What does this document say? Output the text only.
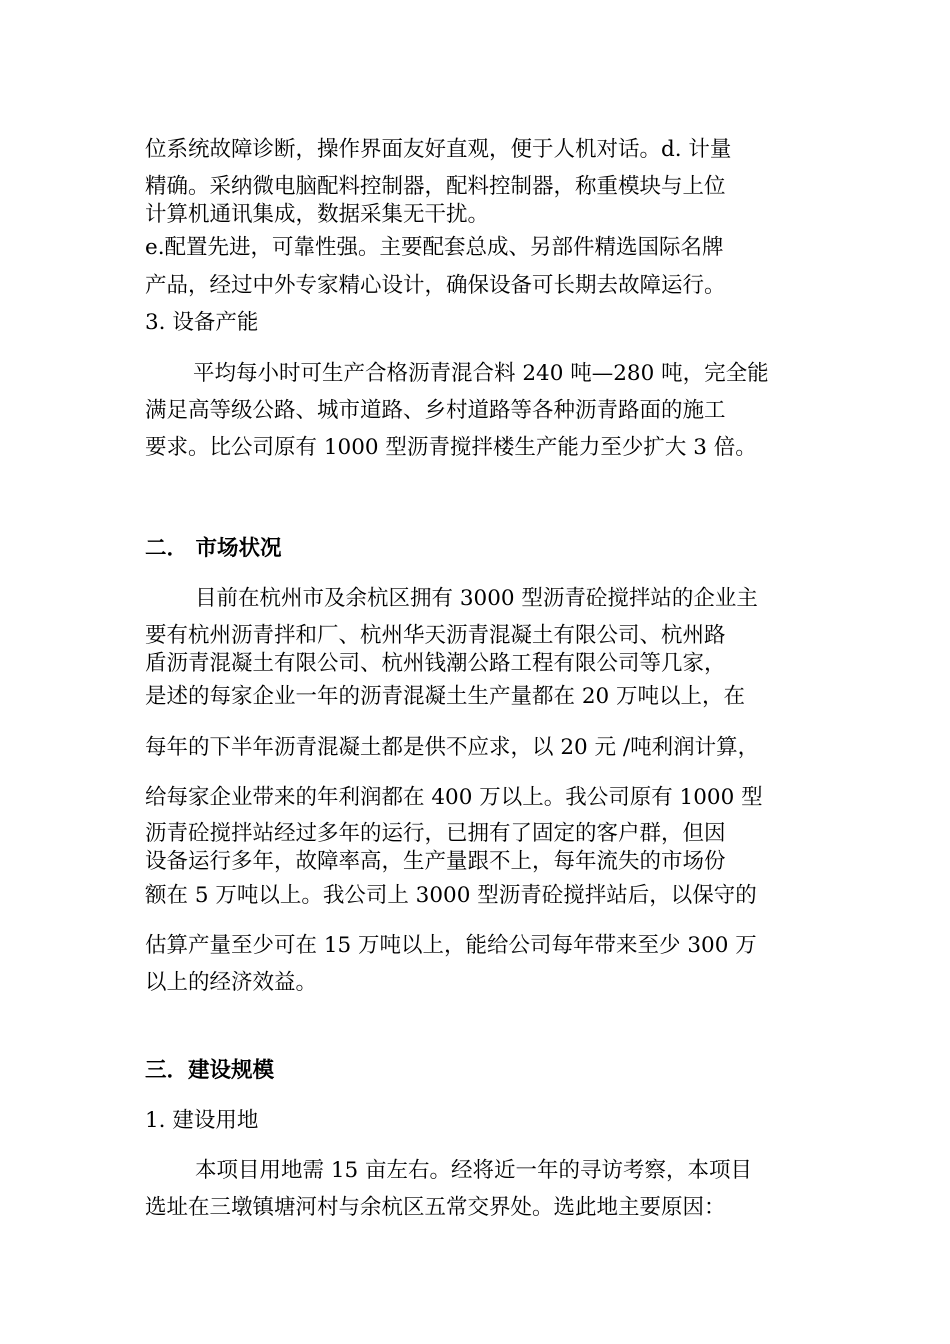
位系统故障诊断，操作界面友好直观，便于人机对话。d. 计量
精确。采纳微电脑配料控制器，配料控制器，称重模块与上位
计算机通讯集成，数据采集无干扰。
e.配置先进，可靠性强。主要配套总成、另部件精选国际名牌
产品，经过中外专家精心设计，确保设备可长期去故障运行。
3. 设备产能
平均每小时可生产合格沥青混合料 240 吨—280 吨，完全能
满足高等级公路、城市道路、乡村道路等各种沥青路面的施工
要求。比公司原有 1000 型沥青搅拌楼生产能力至少扩大 3 倍。
二． 市场状况
目前在杭州市及余杭区拥有 3000 型沥青砼搅拌站的企业主
要有杭州沥青拌和厂、杭州华天沥青混凝土有限公司、杭州路
盾沥青混凝土有限公司、杭州钱潮公路工程有限公司等几家，
是述的每家企业一年的沥青混凝土生产量都在 20 万吨以上，在
每年的下半年沥青混凝土都是供不应求，以 20 元 /吨利润计算，
给每家企业带来的年利润都在 400 万以上。我公司原有 1000 型
沥青砼搅拌站经过多年的运行，已拥有了固定的客户群，但因
设备运行多年，故障率高，生产量跟不上，每年流失的市场份
额在 5 万吨以上。我公司上 3000 型沥青砼搅拌站后，以保守的
估算产量至少可在 15 万吨以上，能给公司每年带来至少 300 万
以上的经济效益。
三．建设规模
1. 建设用地
本项目用地需 15 亩左右。经将近一年的寻访考察，本项目
选址在三墩镇塘河村与余杭区五常交界处。选此地主要原因：
